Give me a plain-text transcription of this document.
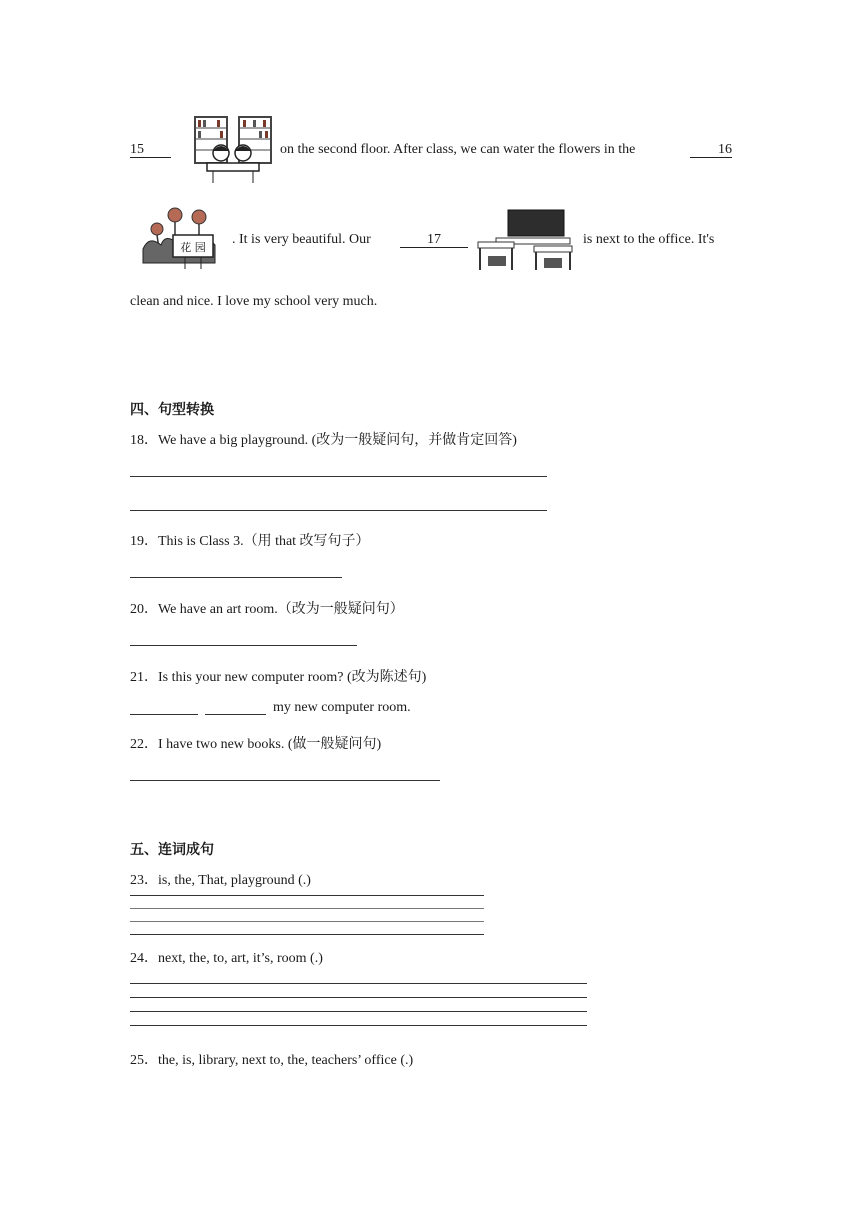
15	on the second floor. After class, we can water the flowers in the	16
花 园
. It is very beautiful. Our	17	is next to the office. It's
clean and nice. I love my school very much.
四、句型转换
18．We have a big playground. (改为一般疑问句，并做肯定回答)
19．This is Class 3.（用 that 改写句子）
20．We have an art room.（改为一般疑问句）
21．Is this your new computer room? (改为陈述句)
my new computer room.
22．I have two new books. (做一般疑问句)
五、连词成句
23．is, the, That, playground (.)
24．next, the, to, art, it’s, room (.)
25．the, is, library, next to, the, teachers’ office (.)
